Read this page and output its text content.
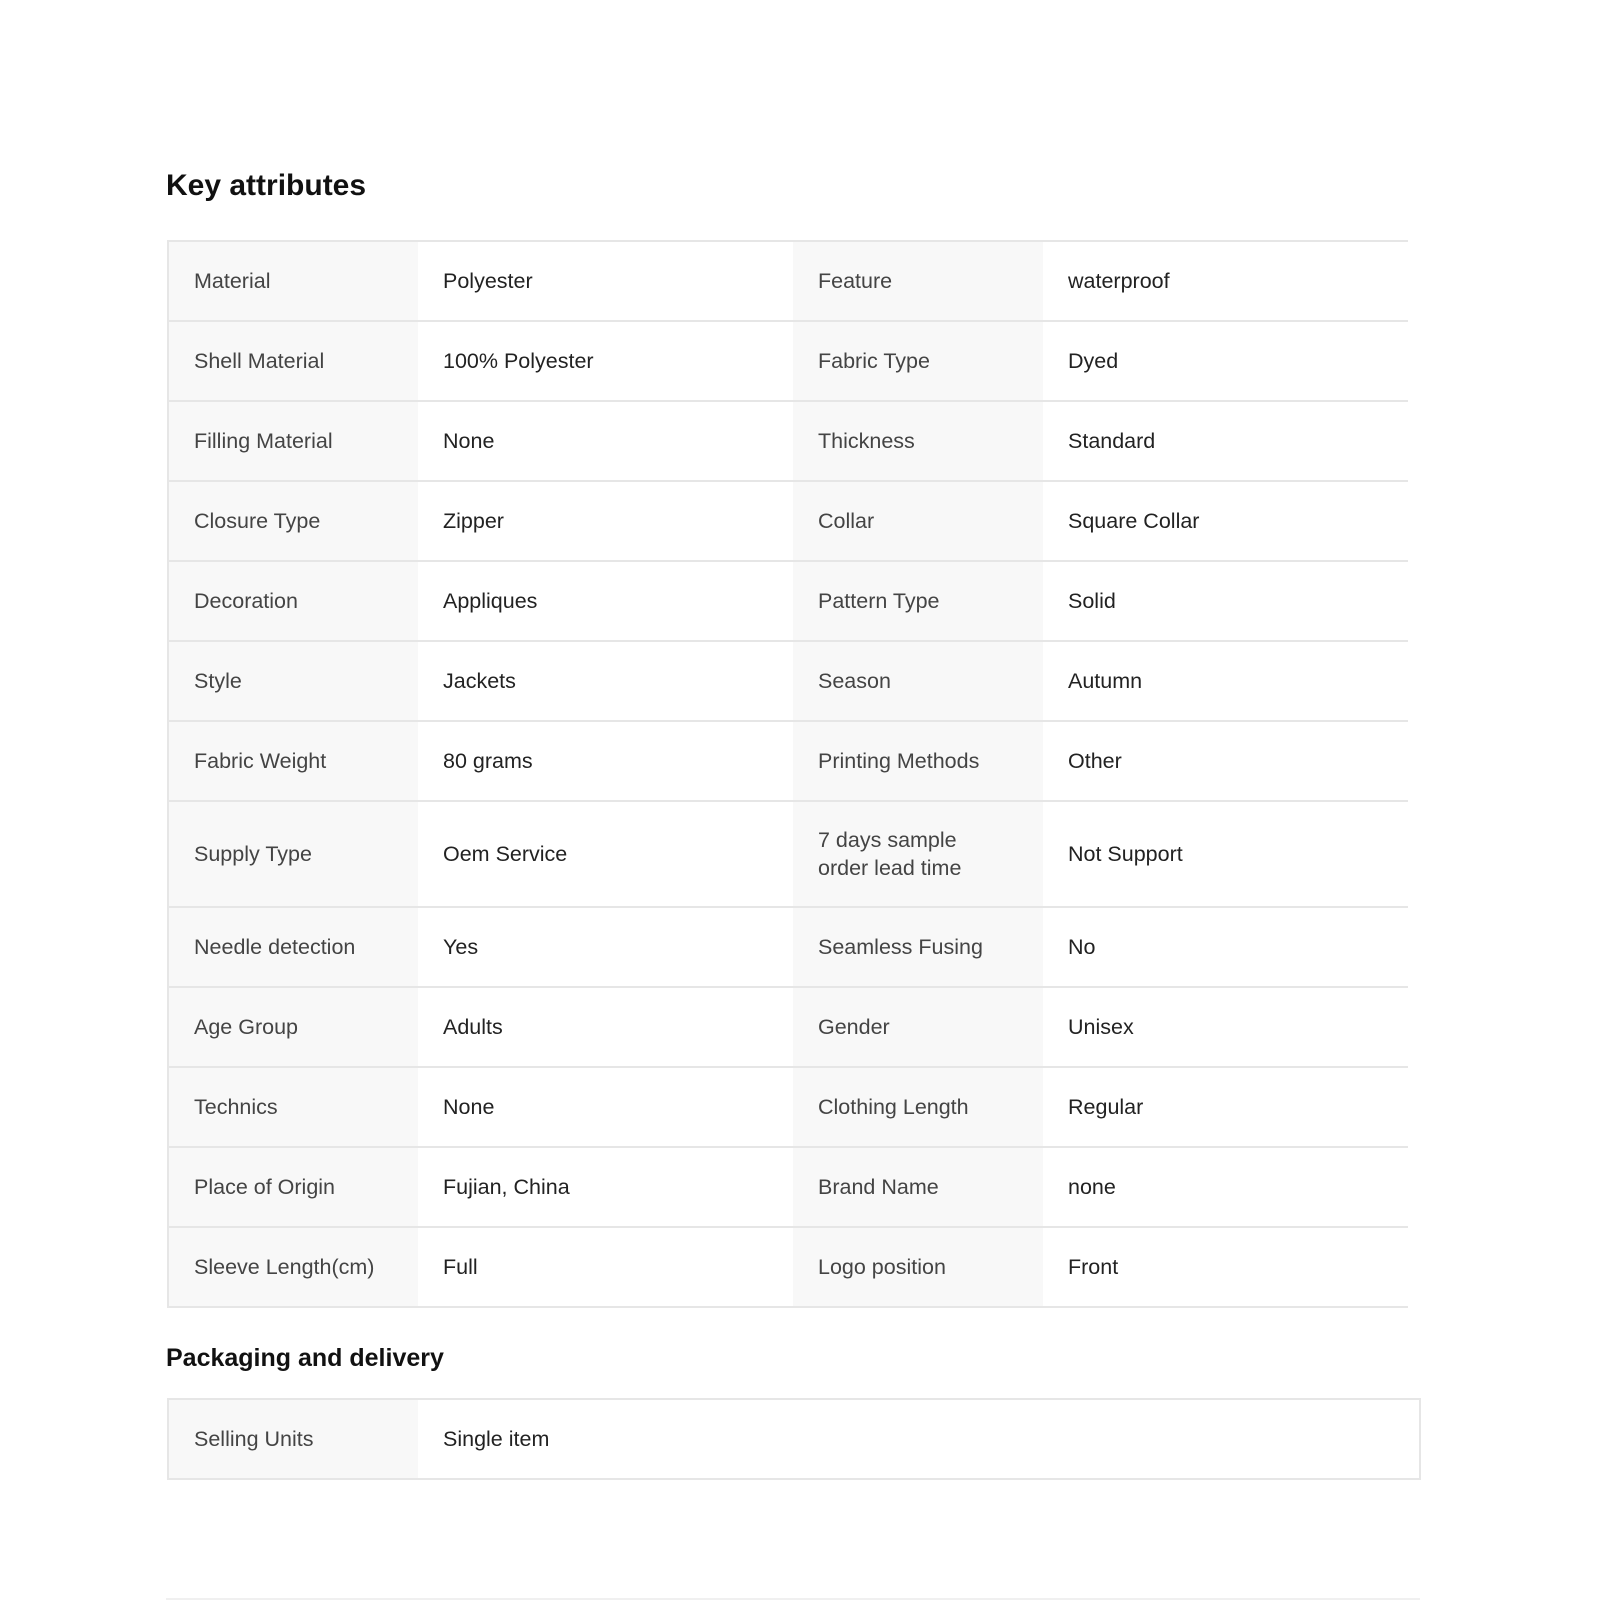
Key attributes
Material	Polyester	Feature	waterproof
Shell Material	100% Polyester	Fabric Type	Dyed
Filling Material	None	Thickness	Standard
Closure Type	Zipper	Collar	Square Collar
Decoration	Appliques	Pattern Type	Solid
Style	Jackets	Season	Autumn
Fabric Weight	80 grams	Printing Methods	Other
Supply Type	Oem Service	7 days sample order lead time	Not Support
Needle detection	Yes	Seamless Fusing	No
Age Group	Adults	Gender	Unisex
Technics	None	Clothing Length	Regular
Place of Origin	Fujian, China	Brand Name	none
Sleeve Length(cm)	Full	Logo position	Front
Packaging and delivery
Selling Units	Single item
